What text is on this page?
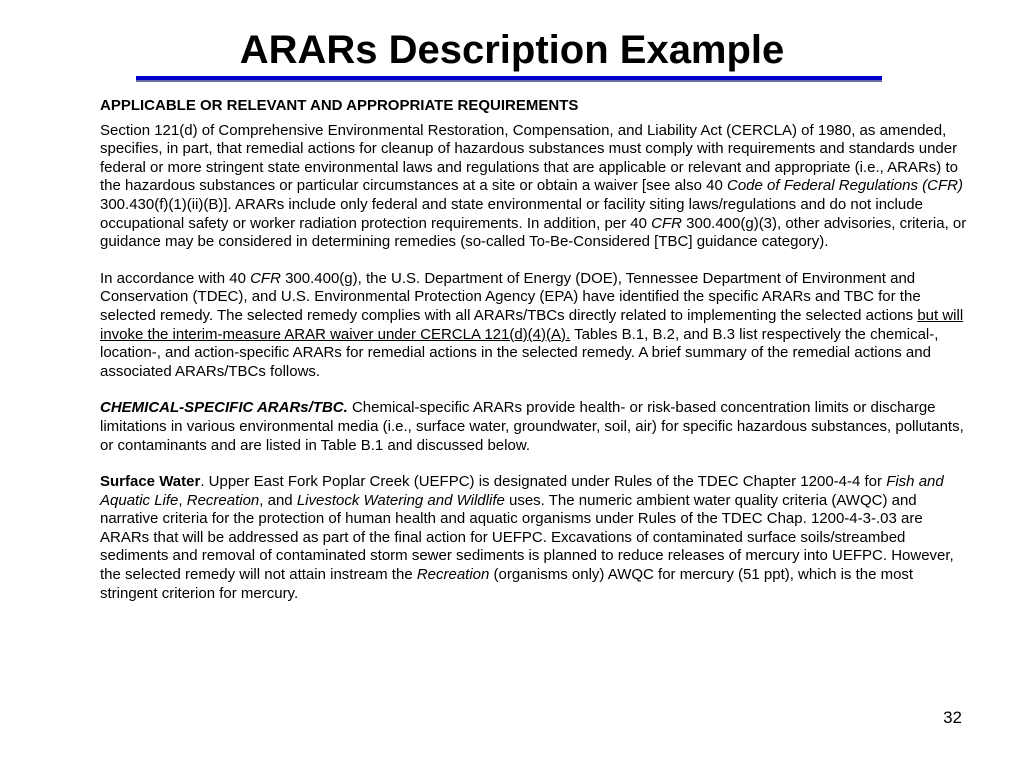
ARARs Description Example

APPLICABLE OR RELEVANT AND APPROPRIATE REQUIREMENTS

Section 121(d) of Comprehensive Environmental Restoration, Compensation, and Liability Act (CERCLA) of 1980, as amended, specifies, in part, that remedial actions for cleanup of hazardous substances must comply with requirements and standards under federal or more stringent state environmental laws and regulations that are applicable or relevant and appropriate (i.e., ARARs) to the hazardous substances or particular circumstances at a site or obtain a waiver [see also 40 Code of Federal Regulations (CFR) 300.430(f)(1)(ii)(B)]. ARARs include only federal and state environmental or facility siting laws/regulations and do not include occupational safety or worker radiation protection requirements. In addition, per 40 CFR 300.400(g)(3), other advisories, criteria, or guidance may be considered in determining remedies (so-called To-Be-Considered [TBC] guidance category).

In accordance with 40 CFR 300.400(g), the U.S. Department of Energy (DOE), Tennessee Department of Environment and Conservation (TDEC), and U.S. Environmental Protection Agency (EPA) have identified the specific ARARs and TBC for the selected remedy. The selected remedy complies with all ARARs/TBCs directly related to implementing the selected actions but will invoke the interim-measure ARAR waiver under CERCLA 121(d)(4)(A). Tables B.1, B.2, and B.3 list respectively the chemical-, location-, and action-specific ARARs for remedial actions in the selected remedy. A brief summary of the remedial actions and associated ARARs/TBCs follows.

CHEMICAL-SPECIFIC ARARs/TBC. Chemical-specific ARARs provide health- or risk-based concentration limits or discharge limitations in various environmental media (i.e., surface water, groundwater, soil, air) for specific hazardous substances, pollutants, or contaminants and are listed in Table B.1 and discussed below.

Surface Water. Upper East Fork Poplar Creek (UEFPC) is designated under Rules of the TDEC Chapter 1200-4-4 for Fish and Aquatic Life, Recreation, and Livestock Watering and Wildlife uses. The numeric ambient water quality criteria (AWQC) and narrative criteria for the protection of human health and aquatic organisms under Rules of the TDEC Chap. 1200-4-3-.03 are ARARs that will be addressed as part of the final action for UEFPC. Excavations of contaminated surface soils/streambed sediments and removal of contaminated storm sewer sediments is planned to reduce releases of mercury into UEFPC. However, the selected remedy will not attain instream the Recreation (organisms only) AWQC for mercury (51 ppt), which is the most stringent criterion for mercury.

32
